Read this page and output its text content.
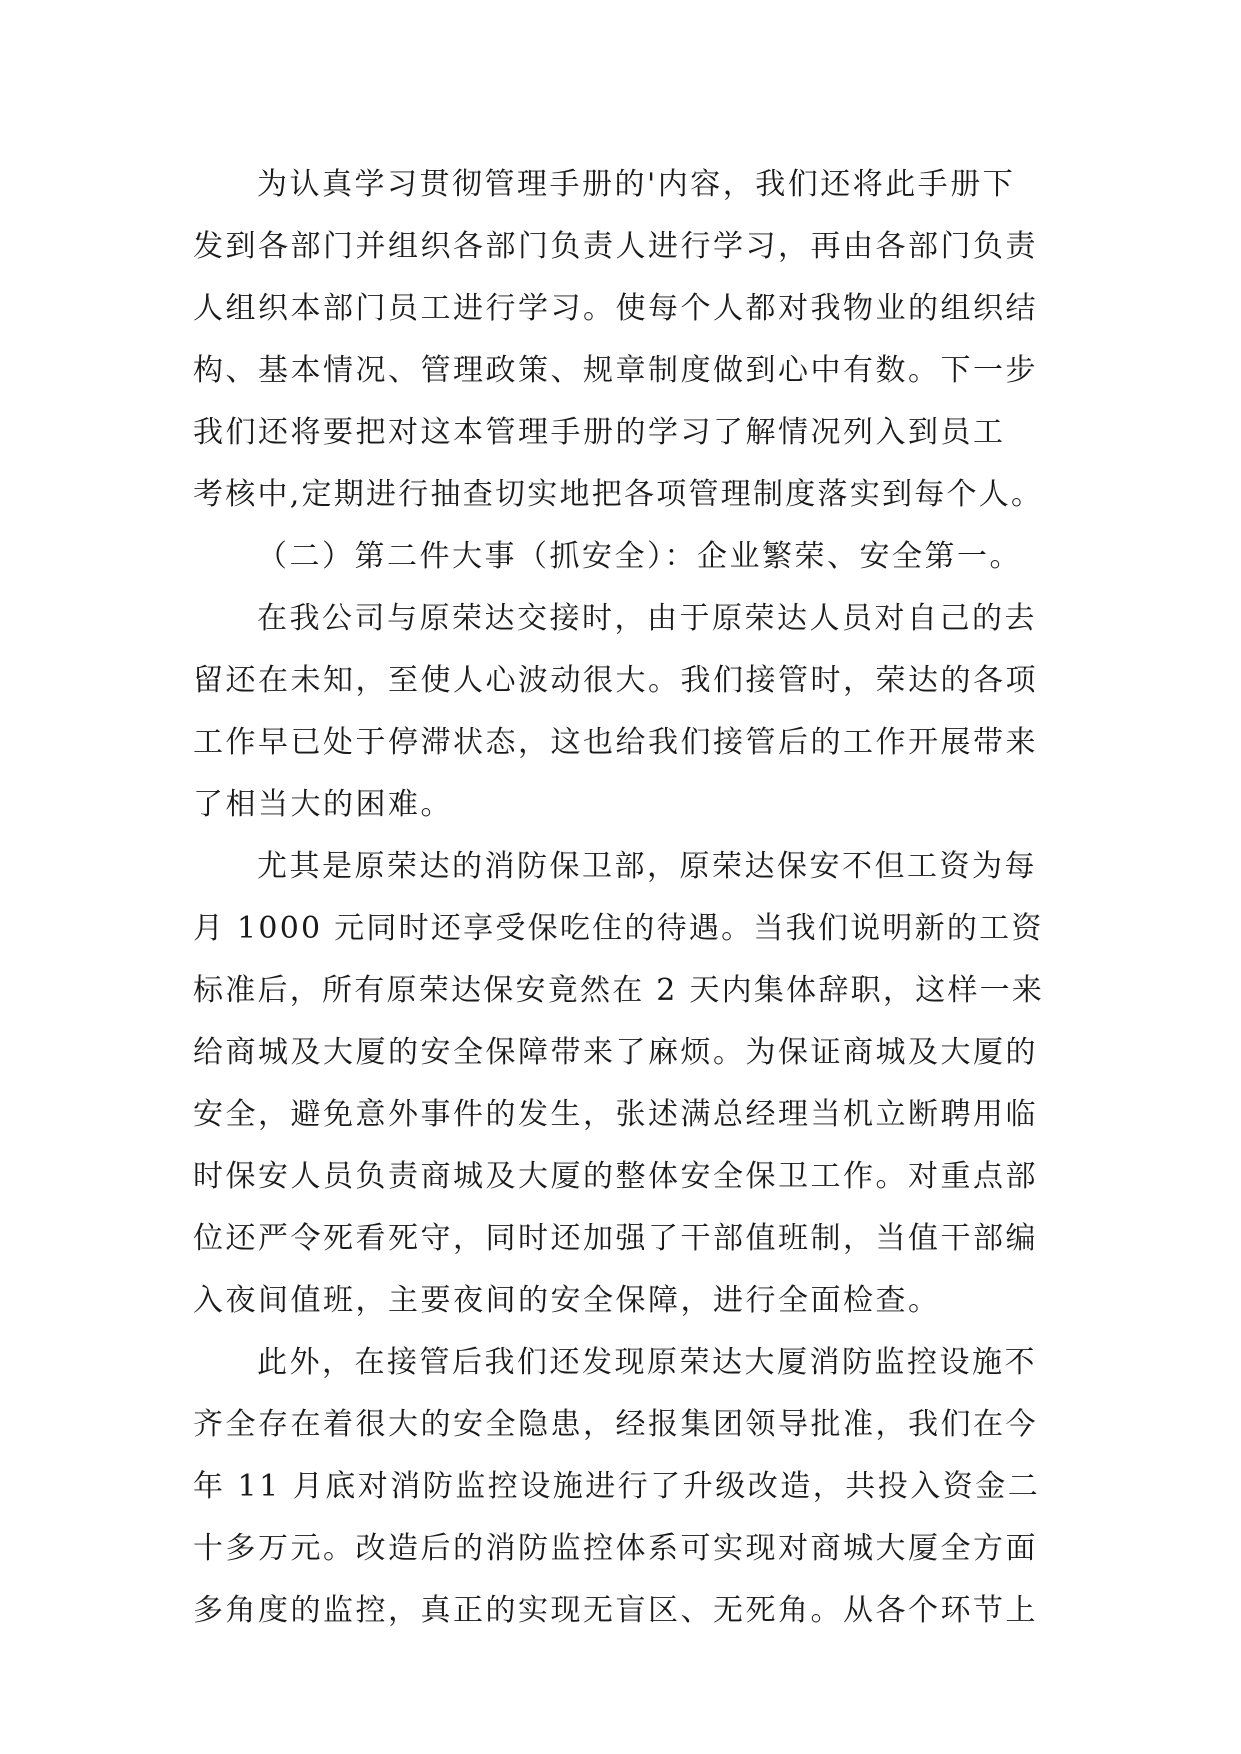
为认真学习贯彻管理手册的'内容，我们还将此手册下
发到各部门并组织各部门负责人进行学习，再由各部门负责
人组织本部门员工进行学习。使每个人都对我物业的组织结
构、基本情况、管理政策、规章制度做到心中有数。下一步
我们还将要把对这本管理手册的学习了解情况列入到员工
考核中,定期进行抽查切实地把各项管理制度落实到每个人。
（二）第二件大事（抓安全）：企业繁荣、安全第一。
在我公司与原荣达交接时，由于原荣达人员对自己的去
留还在未知，至使人心波动很大。我们接管时，荣达的各项
工作早已处于停滞状态，这也给我们接管后的工作开展带来
了相当大的困难。
尤其是原荣达的消防保卫部，原荣达保安不但工资为每
月 1000 元同时还享受保吃住的待遇。当我们说明新的工资
标准后，所有原荣达保安竟然在 2 天内集体辞职，这样一来
给商城及大厦的安全保障带来了麻烦。为保证商城及大厦的
安全，避免意外事件的发生，张述满总经理当机立断聘用临
时保安人员负责商城及大厦的整体安全保卫工作。对重点部
位还严令死看死守，同时还加强了干部值班制，当值干部编
入夜间值班，主要夜间的安全保障，进行全面检查。
此外，在接管后我们还发现原荣达大厦消防监控设施不
齐全存在着很大的安全隐患，经报集团领导批准，我们在今
年 11 月底对消防监控设施进行了升级改造，共投入资金二
十多万元。改造后的消防监控体系可实现对商城大厦全方面
多角度的监控，真正的实现无盲区、无死角。从各个环节上
